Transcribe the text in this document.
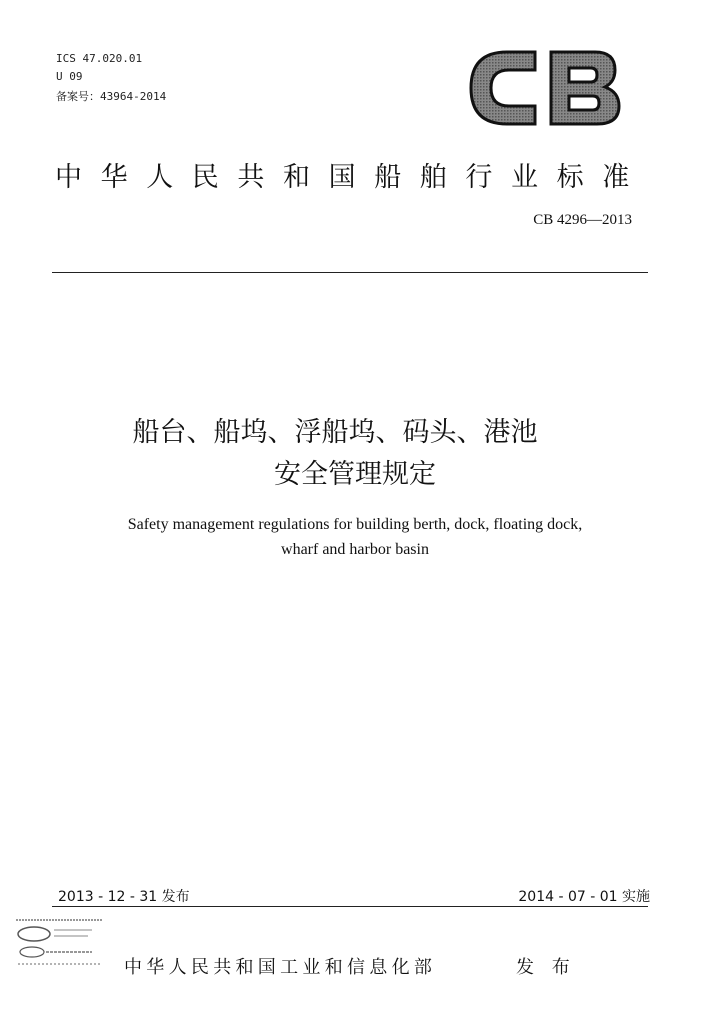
ICS 47.020.01
U 09
备案号：43964-2014
中华人民共和国船舶行业标准
CB 4296—2013
船台、船坞、浮船坞、码头、港池
安全管理规定
Safety management regulations for building berth, dock, floating dock,
wharf and harbor basin
2013 - 12 - 31 发布	2014 - 07 - 01 实施
中华人民共和国工业和信息化部	发 布
